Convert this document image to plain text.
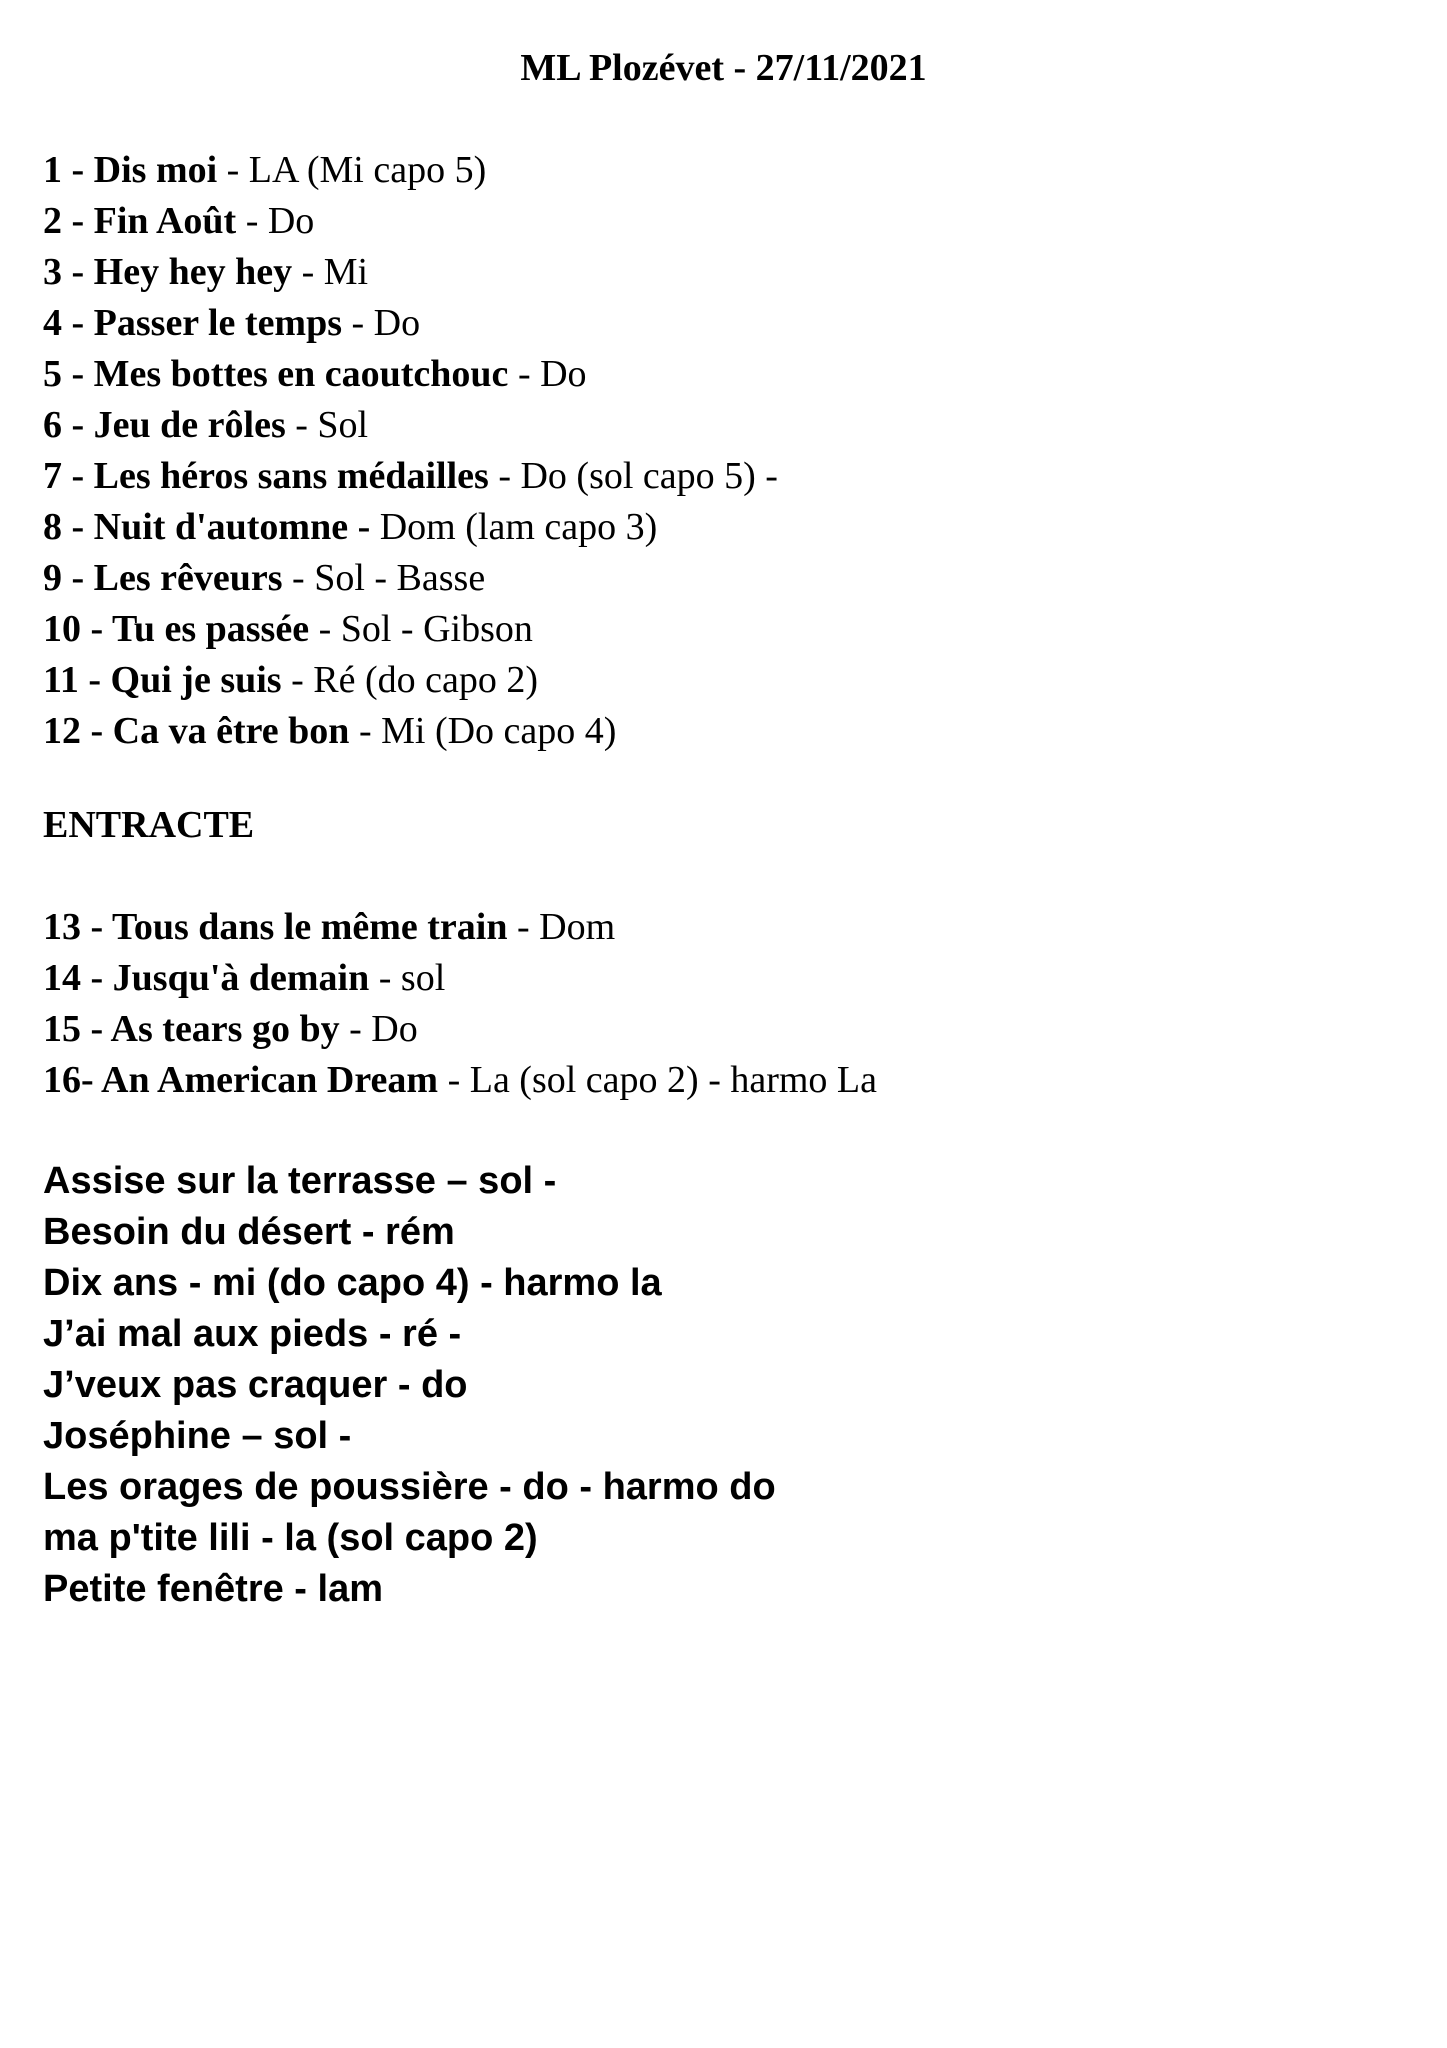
ML Plozévet - 27/11/2021
1 - Dis moi - LA (Mi capo 5)
2 - Fin Août - Do
3 - Hey hey hey - Mi
4 - Passer le temps - Do
5 - Mes bottes en caoutchouc - Do
6 - Jeu de rôles - Sol
7 - Les héros sans médailles - Do (sol capo 5) -
8 - Nuit d'automne - Dom (lam capo 3)
9 - Les rêveurs - Sol - Basse
10 - Tu es passée - Sol - Gibson
11 - Qui je suis - Ré (do capo 2)
12 - Ca va être bon - Mi (Do capo 4)
ENTRACTE
13 - Tous dans le même train - Dom
14 - Jusqu'à demain - sol
15 - As tears go by - Do
16- An American Dream - La (sol capo 2) - harmo La
Assise sur la terrasse – sol -
Besoin du désert - rém
Dix ans - mi (do capo 4) - harmo la
J’ai mal aux pieds - ré -
J’veux pas craquer - do
Joséphine – sol -
Les orages de poussière - do - harmo do
ma p'tite lili - la (sol capo 2)
Petite fenêtre - lam
